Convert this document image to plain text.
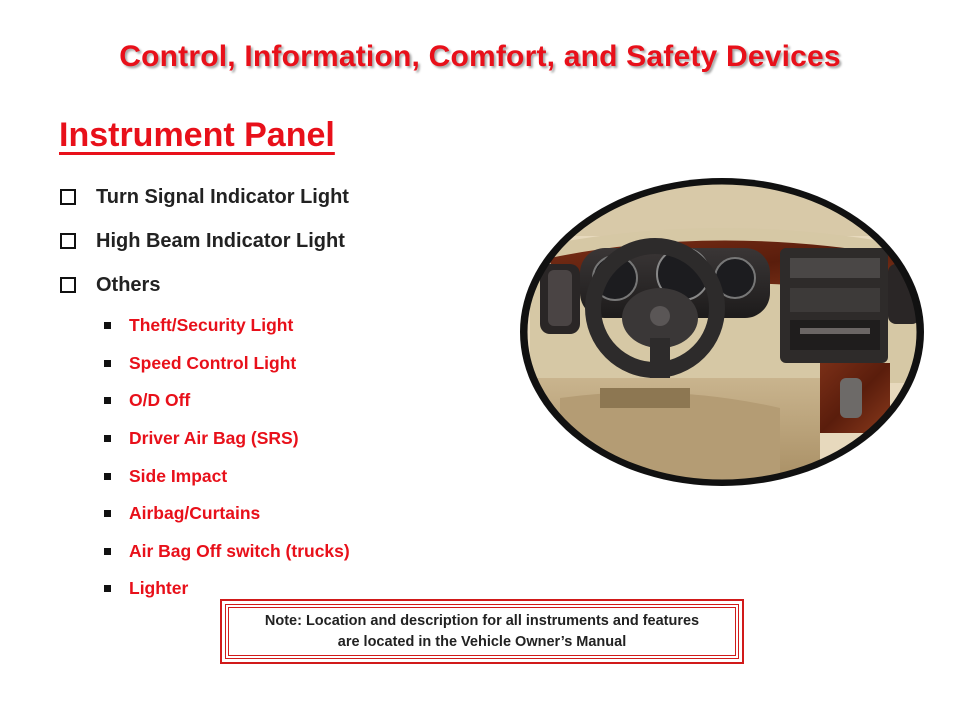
Control, Information, Comfort, and Safety Devices
Instrument Panel
Turn Signal Indicator Light
High Beam Indicator Light
Others
Theft/Security Light
Speed Control Light
O/D Off
Driver Air Bag (SRS)
Side Impact
Airbag/Curtains
Air Bag Off switch (trucks)
Lighter
Note: Location and description for all instruments and features
are located in the Vehicle Owner’s Manual
